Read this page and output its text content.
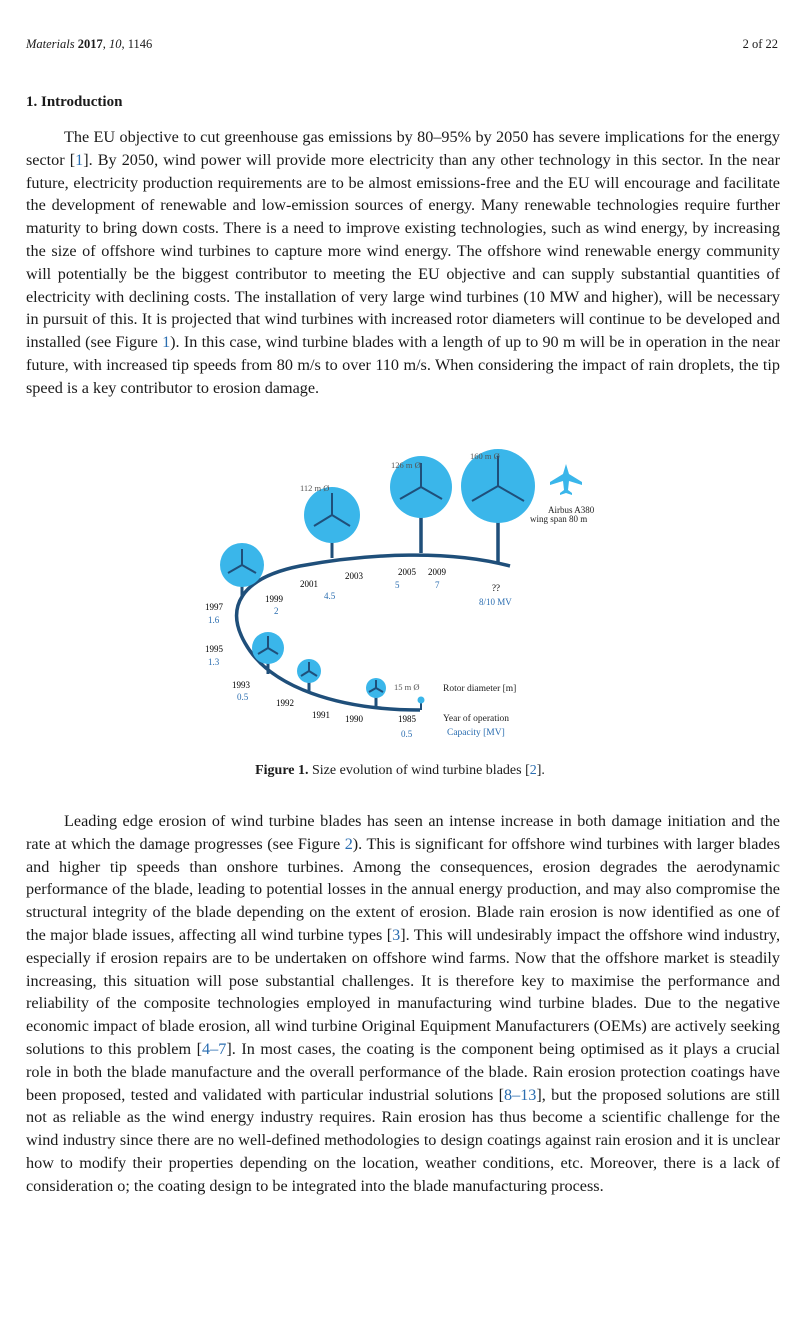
Materials 2017, 10, 1146	2 of 22
1. Introduction

The EU objective to cut greenhouse gas emissions by 80–95% by 2050 has severe implications for the energy sector [1]. By 2050, wind power will provide more electricity than any other technology in this sector. In the near future, electricity production requirements are to be almost emissions-free and the EU will encourage and facilitate the development of renewable and low-emission sources of energy. Many renewable technologies require further maturity to bring down costs. There is a need to improve existing technologies, such as wind energy, by increasing the size of offshore wind turbines to capture more wind energy. The offshore wind renewable energy community will potentially be the biggest contributor to meeting the EU objective and can supply substantial quantities of electricity with declining costs. The installation of very large wind turbines (10 MW and higher), will be necessary in pursuit of this. It is projected that wind turbines with increased rotor diameters will continue to be developed and installed (see Figure 1). In this case, wind turbine blades with a length of up to 90 m will be in operation in the near future, with increased tip speeds from 80 m/s to over 110 m/s. When considering the impact of rain droplets, the tip speed is a key contributor to erosion damage.

112 m Ø
126 m Ø
160 m Ø
15 m Ø
Airbus A380
wing span 80 m
1985
1990
1991
1992
1993
1995
1997
1999
2001
2003	2005 2009
??
0.5
0.5
1.3
1.6
2
4.5
5	7
8/10 MV
Rotor diameter [m]
Year of operation
Capacity [MV]
Figure 1. Size evolution of wind turbine blades [2].

Leading edge erosion of wind turbine blades has seen an intense increase in both damage initiation and the rate at which the damage progresses (see Figure 2). This is significant for offshore wind turbines with larger blades and higher tip speeds than onshore turbines. Among the consequences, erosion degrades the aerodynamic performance of the blade, leading to potential losses in the annual energy production, and may also compromise the structural integrity of the blade depending on the extent of erosion. Blade rain erosion is now identified as one of the major blade issues, affecting all wind turbine types [3]. This will undesirably impact the offshore wind industry, especially if erosion repairs are to be undertaken on offshore wind farms. Now that the offshore market is steadily increasing, this situation will pose substantial challenges. It is therefore key to maximise the performance and reliability of the composite technologies employed in manufacturing wind turbine blades. Due to the negative economic impact of blade erosion, all wind turbine Original Equipment Manufacturers (OEMs) are actively seeking solutions to this problem [4–7]. In most cases, the coating is the component being optimised as it plays a crucial role in both the blade manufacture and the overall performance of the blade. Rain erosion protection coatings have been proposed, tested and validated with particular industrial solutions [8–13], but the proposed solutions are still not as reliable as the wind energy industry requires. Rain erosion has thus become a scientific challenge for the wind industry since there are no well-defined methodologies to design coatings against rain erosion and it is unclear how to modify their properties depending on the location, weather conditions, etc. Moreover, there is a lack of consideration o; the coating design to be integrated into the blade manufacturing process.
